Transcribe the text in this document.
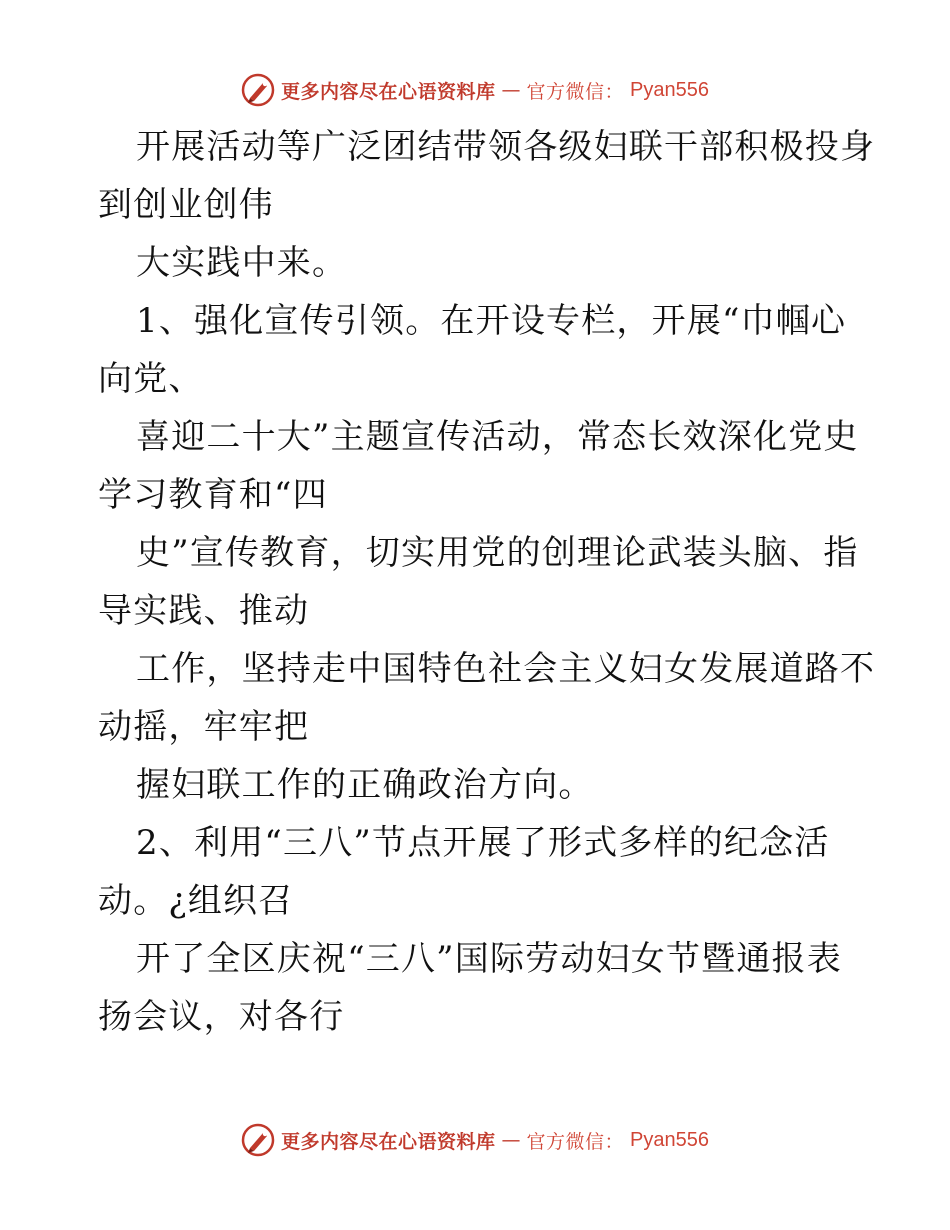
更多内容尽在心语资料库 — 官方微信： Pyan556

开展活动等广泛团结带领各级妇联干部积极投身

到创业创伟

大实践中来。

1、强化宣传引领。在开设专栏，开展“巾帼心

向党、

喜迎二十大”主题宣传活动，常态长效深化党史

学习教育和“四

史”宣传教育，切实用党的创理论武装头脑、指

导实践、推动

工作，坚持走中国特色社会主义妇女发展道路不

动摇，牢牢把

握妇联工作的正确政治方向。

2、利用“三八”节点开展了形式多样的纪念活

动。¿组织召

开了全区庆祝“三八”国际劳动妇女节暨通报表

扬会议，对各行

更多内容尽在心语资料库 — 官方微信： Pyan556
